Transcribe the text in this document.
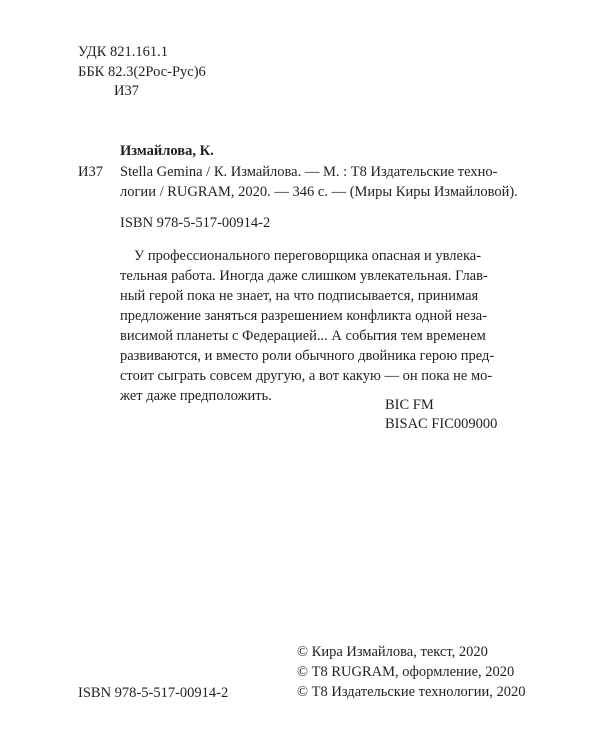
УДК 821.161.1
ББК 82.3(2Рос-Рус)6
И37
Измайлова, К.
И37 Stella Gemina / К. Измайлова. — М. : Т8 Издательские техно-
логии / RUGRAM, 2020. — 346 с. — (Миры Киры Измайловой).
ISBN 978-5-517-00914-2
У профессионального переговорщика опасная и увлека-
тельная работа. Иногда даже слишком увлекательная. Глав-
ный герой пока не знает, на что подписывается, принимая
предложение заняться разрешением конфликта одной неза-
висимой планеты с Федерацией... А события тем временем
развиваются, и вместо роли обычного двойника герою пред-
стоит сыграть совсем другую, а вот какую — он пока не мо-
жет даже предположить.
BIC FM
BISAC FIC009000
ISBN 978-5-517-00914-2
© Кира Измайлова, текст, 2020
© Т8 RUGRAM, оформление, 2020
© Т8 Издательские технологии, 2020
